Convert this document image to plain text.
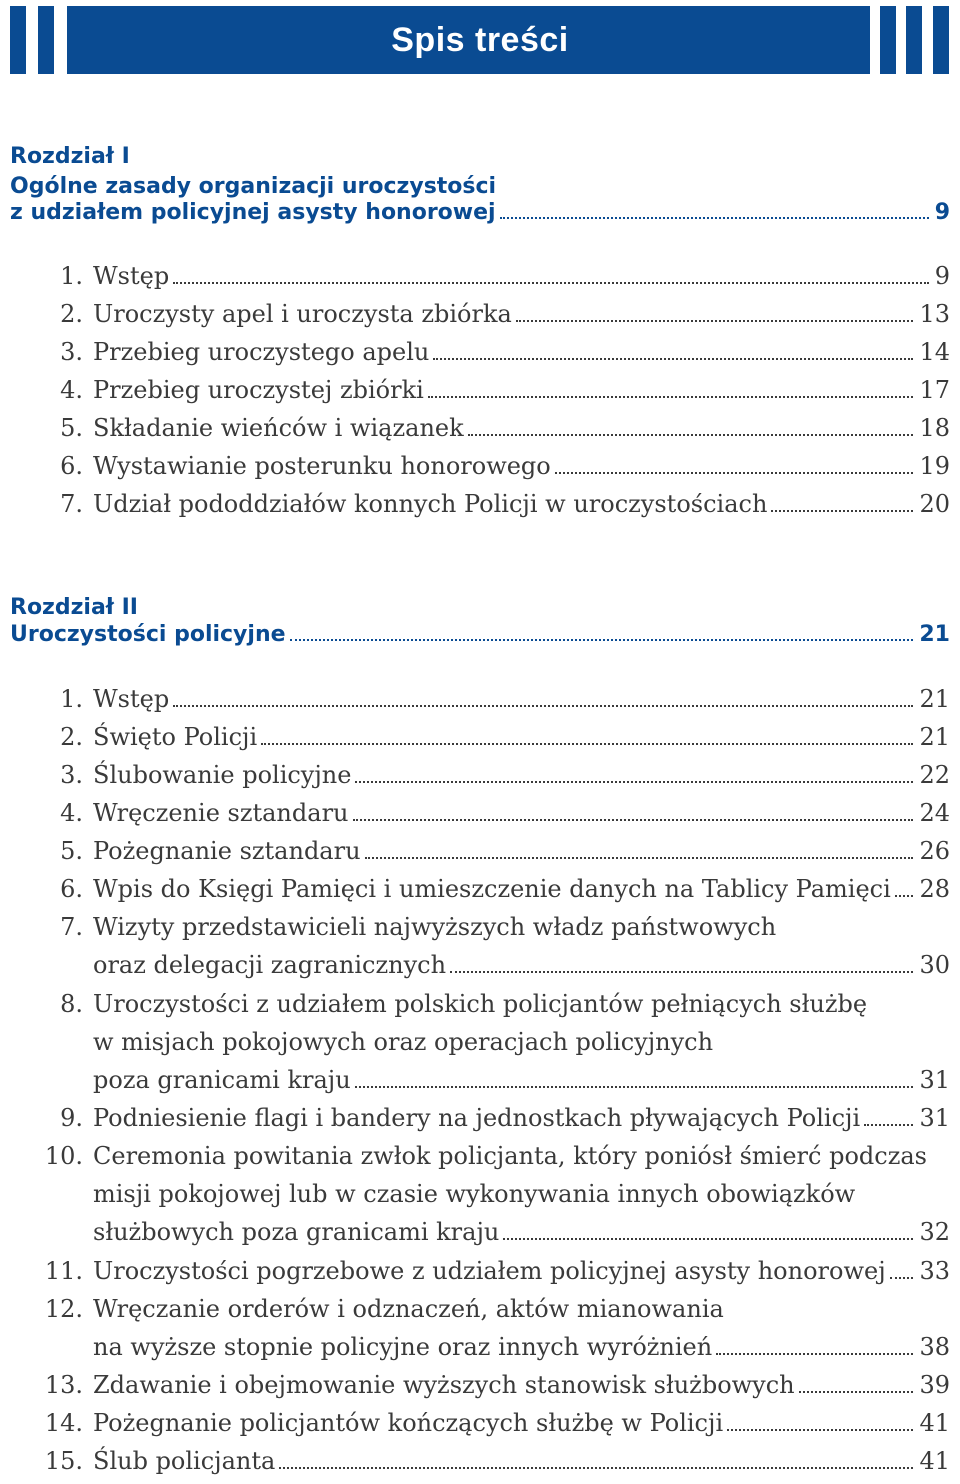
Spis treści
Rozdział I
Ogólne zasady organizacji uroczystości
z udziałem policyjnej asysty honorowej	9
1. Wstęp	9
2. Uroczysty apel i uroczysta zbiórka	13
3. Przebieg uroczystego apelu	14
4. Przebieg uroczystej zbiórki	17
5. Składanie wieńców i wiązanek	18
6. Wystawianie posterunku honorowego	19
7. Udział pododdziałów konnych Policji w uroczystościach	20
Rozdział II
Uroczystości policyjne	21
1. Wstęp	21
2. Święto Policji	21
3. Ślubowanie policyjne	22
4. Wręczenie sztandaru	24
5. Pożegnanie sztandaru	26
6. Wpis do Księgi Pamięci i umieszczenie danych na Tablicy Pamięci 28
7. Wizyty przedstawicieli najwyższych władz państwowych
oraz delegacji zagranicznych	30
8. Uroczystości z udziałem polskich policjantów pełniących służbę
w misjach pokojowych oraz operacjach policyjnych
poza granicami kraju	31
9. Podniesienie flagi i bandery na jednostkach pływających Policji 31
10. Ceremonia powitania zwłok policjanta, który poniósł śmierć podczas
misji pokojowej lub w czasie wykonywania innych obowiązków
służbowych poza granicami kraju	32
11. Uroczystości pogrzebowe z udziałem policyjnej asysty honorowej 33
12. Wręczanie orderów i odznaczeń, aktów mianowania
na wyższe stopnie policyjne oraz innych wyróżnień	38
13. Zdawanie i obejmowanie wyższych stanowisk służbowych	39
14. Pożegnanie policjantów kończących służbę w Policji	41
15. Ślub policjanta	41
